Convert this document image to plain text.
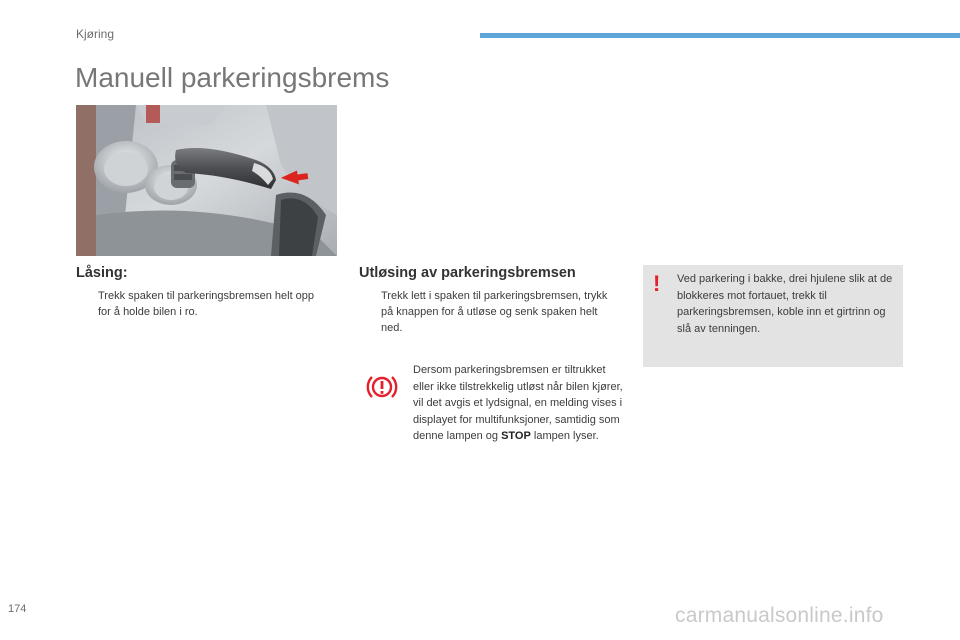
Kjøring
Manuell parkeringsbrems
Låsing:
Trekk spaken til parkeringsbremsen helt opp for å holde bilen i ro.
Utløsing av parkeringsbremsen
Trekk lett i spaken til parkeringsbremsen, trykk på knappen for å utløse og senk spaken helt ned.
Dersom parkeringsbremsen er tiltrukket eller ikke tilstrekkelig utløst når bilen kjører, vil det avgis et lydsignal, en melding vises i displayet for multifunksjoner, samtidig som denne lampen og STOP lampen lyser.
! Ved parkering i bakke, drei hjulene slik at de blokkeres mot fortauet, trekk til parkeringsbremsen, koble inn et girtrinn og slå av tenningen.
174	carmanualsonline.info
